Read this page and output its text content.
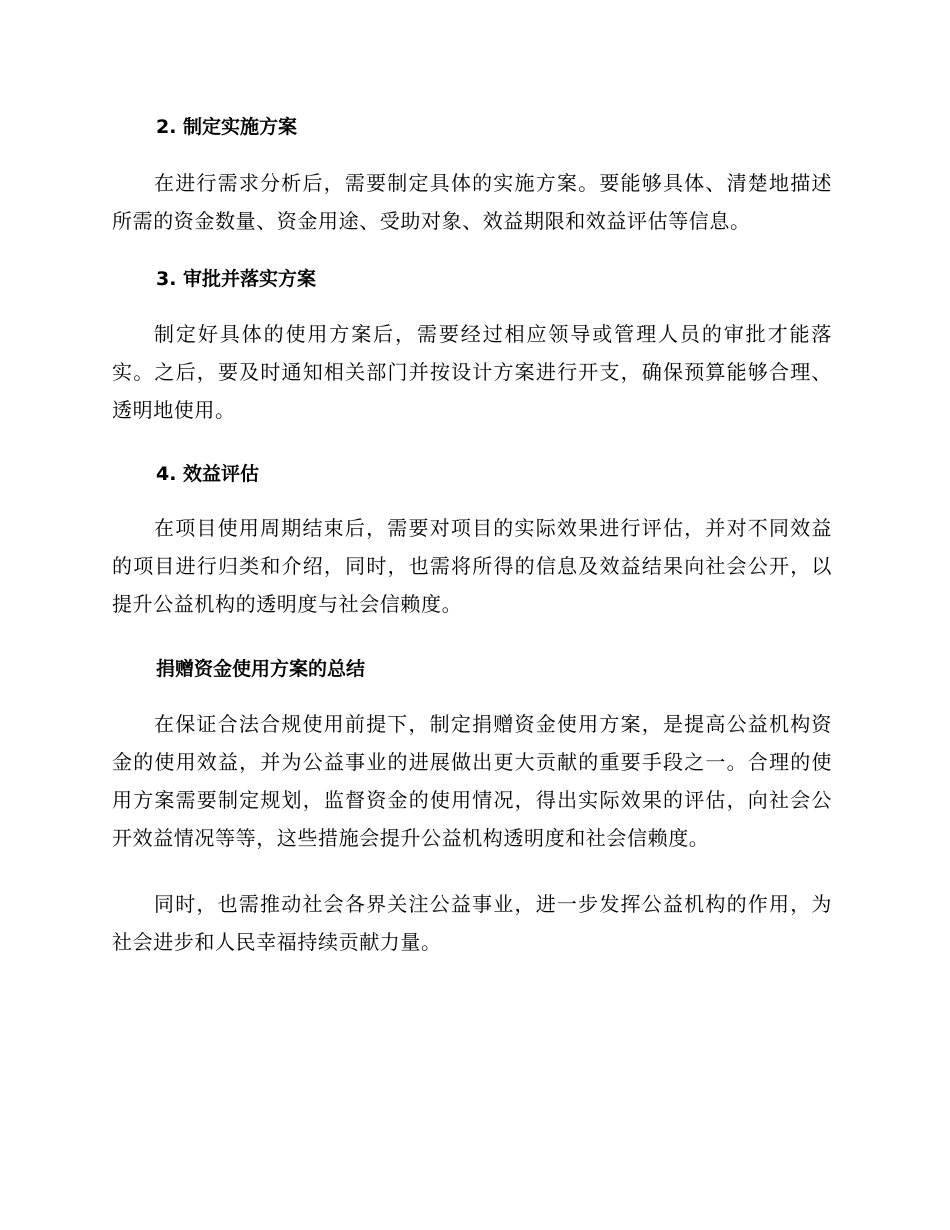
2. 制定实施方案
在进行需求分析后，需要制定具体的实施方案。要能够具体、清楚地描述所需的资金数量、资金用途、受助对象、效益期限和效益评估等信息。
3. 审批并落实方案
制定好具体的使用方案后，需要经过相应领导或管理人员的审批才能落实。之后，要及时通知相关部门并按设计方案进行开支，确保预算能够合理、透明地使用。
4. 效益评估
在项目使用周期结束后，需要对项目的实际效果进行评估，并对不同效益的项目进行归类和介绍，同时，也需将所得的信息及效益结果向社会公开，以提升公益机构的透明度与社会信赖度。
捐赠资金使用方案的总结
在保证合法合规使用前提下，制定捐赠资金使用方案，是提高公益机构资金的使用效益，并为公益事业的进展做出更大贡献的重要手段之一。合理的使用方案需要制定规划，监督资金的使用情况，得出实际效果的评估，向社会公开效益情况等等，这些措施会提升公益机构透明度和社会信赖度。
同时，也需推动社会各界关注公益事业，进一步发挥公益机构的作用，为社会进步和人民幸福持续贡献力量。
